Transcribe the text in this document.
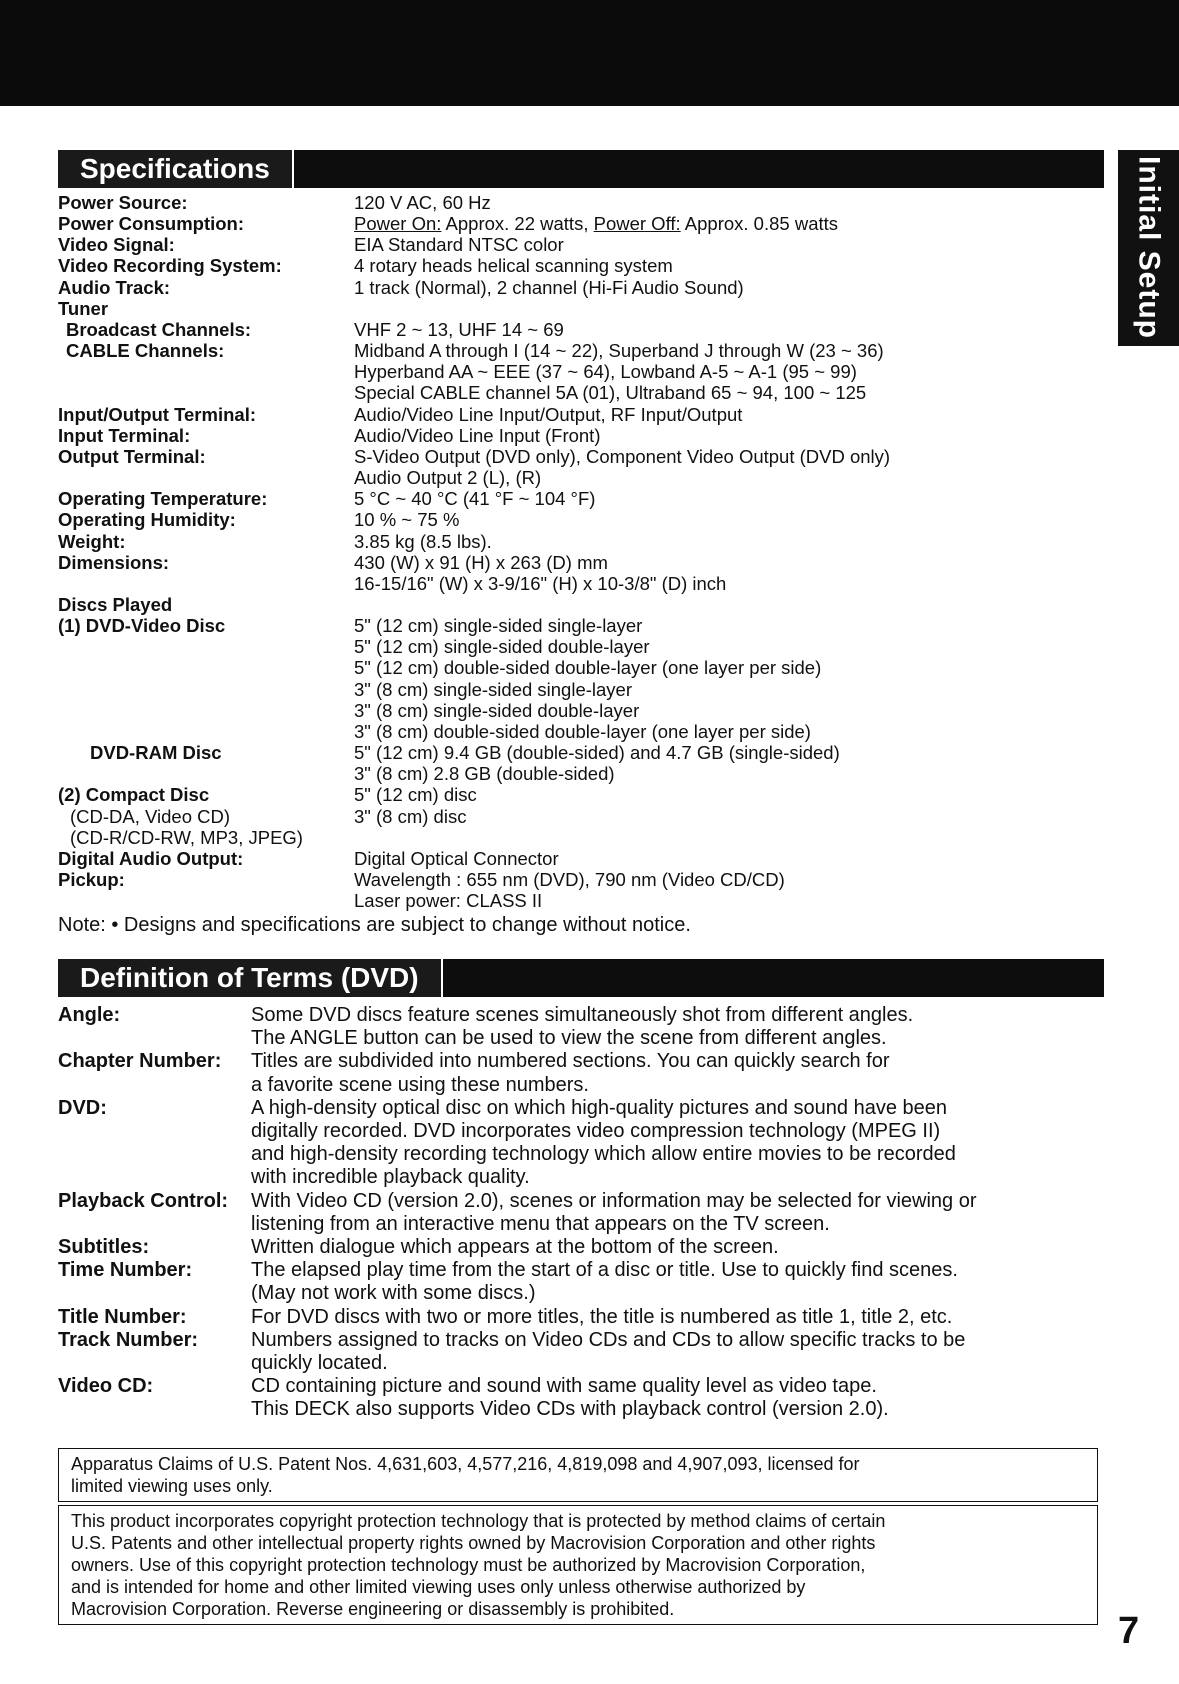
Initial Setup
Specifications
Power Source:	120 V AC, 60 Hz
Power Consumption:	Power On: Approx. 22 watts, Power Off: Approx. 0.85 watts
Video Signal:	EIA Standard NTSC color
Video Recording System:	4 rotary heads helical scanning system
Audio Track:	1 track (Normal), 2 channel (Hi-Fi Audio Sound)
Tuner
Broadcast Channels:	VHF 2 ~ 13, UHF 14 ~ 69
CABLE Channels:	Midband A through I (14 ~ 22), Superband J through W (23 ~ 36)
Hyperband AA ~ EEE (37 ~ 64), Lowband A-5 ~ A-1 (95 ~ 99)
Special CABLE channel 5A (01), Ultraband 65 ~ 94, 100 ~ 125
Input/Output Terminal:	Audio/Video Line Input/Output, RF Input/Output
Input Terminal:	Audio/Video Line Input (Front)
Output Terminal:	S-Video Output (DVD only), Component Video Output (DVD only)
Audio Output 2 (L), (R)
Operating Temperature:	5 °C ~ 40 °C (41 °F ~ 104 °F)
Operating Humidity:	10 % ~ 75 %
Weight:	3.85 kg (8.5 lbs).
Dimensions:	430 (W) x 91 (H) x 263 (D) mm
16-15/16" (W) x 3-9/16" (H) x 10-3/8" (D) inch
Discs Played
(1) DVD-Video Disc	5" (12 cm) single-sided single-layer
5" (12 cm) single-sided double-layer
5" (12 cm) double-sided double-layer (one layer per side)
3" (8 cm) single-sided single-layer
3" (8 cm) single-sided double-layer
3" (8 cm) double-sided double-layer (one layer per side)
DVD-RAM Disc	5" (12 cm) 9.4 GB (double-sided) and 4.7 GB (single-sided)
3" (8 cm) 2.8 GB (double-sided)
(2) Compact Disc	5" (12 cm) disc
(CD-DA, Video CD)	3" (8 cm) disc
(CD-R/CD-RW, MP3, JPEG)
Digital Audio Output:	Digital Optical Connector
Pickup:	Wavelength : 655 nm (DVD), 790 nm (Video CD/CD)
Laser power: CLASS II
Note: • Designs and specifications are subject to change without notice.
Definition of Terms (DVD)
Angle:	Some DVD discs feature scenes simultaneously shot from different angles.
The ANGLE button can be used to view the scene from different angles.
Chapter Number:	Titles are subdivided into numbered sections. You can quickly search for
a favorite scene using these numbers.
DVD:	A high-density optical disc on which high-quality pictures and sound have been
digitally recorded. DVD incorporates video compression technology (MPEG II)
and high-density recording technology which allow entire movies to be recorded
with incredible playback quality.
Playback Control:	With Video CD (version 2.0), scenes or information may be selected for viewing or
listening from an interactive menu that appears on the TV screen.
Subtitles:	Written dialogue which appears at the bottom of the screen.
Time Number:	The elapsed play time from the start of a disc or title. Use to quickly find scenes.
(May not work with some discs.)
Title Number:	For DVD discs with two or more titles, the title is numbered as title 1, title 2, etc.
Track Number:	Numbers assigned to tracks on Video CDs and CDs to allow specific tracks to be
quickly located.
Video CD:	CD containing picture and sound with same quality level as video tape.
This DECK also supports Video CDs with playback control (version 2.0).
Apparatus Claims of U.S. Patent Nos. 4,631,603, 4,577,216, 4,819,098 and 4,907,093, licensed for
limited viewing uses only.
This product incorporates copyright protection technology that is protected by method claims of certain
U.S. Patents and other intellectual property rights owned by Macrovision Corporation and other rights
owners. Use of this copyright protection technology must be authorized by Macrovision Corporation,
and is intended for home and other limited viewing uses only unless otherwise authorized by
Macrovision Corporation. Reverse engineering or disassembly is prohibited.
7
